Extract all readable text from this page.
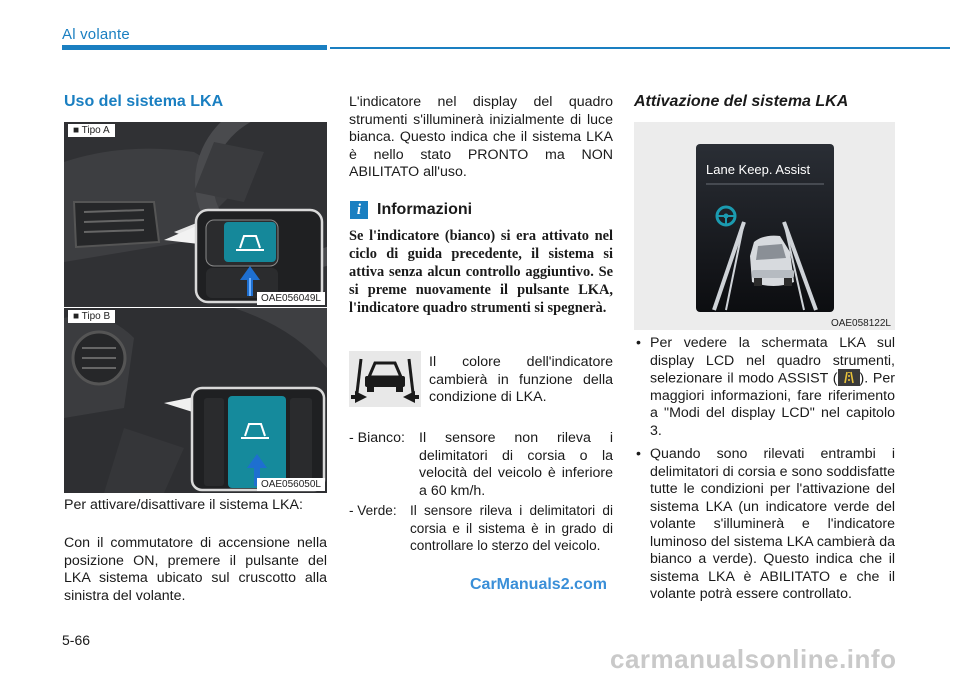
Al volante
Uso del sistema LKA
■ Tipo A
OAE056049L
■ Tipo B
OAE056050L
Per attivare/disattivare il sistema LKA:
Con il commutatore di accensione nella posizione ON, premere il pulsante del LKA sistema ubicato sul cruscotto alla sinistra del volante.
L'indicatore nel display del quadro strumenti s'illuminerà inizialmente di luce bianca. Questo indica che il sistema LKA è nello stato PRONTO ma NON ABILITATO all'uso.
i Informazioni
Se l'indicatore (bianco) si era attivato nel ciclo di guida precedente, il sistema si attiva senza alcun controllo aggiuntivo. Se si preme nuovamente il pulsante LKA, l'indicatore quadro strumenti si spegnerà.
Il colore dell'indicatore cambierà in funzione della condizione di LKA.
- Bianco: Il sensore non rileva i delimitatori di corsia o la velocità del veicolo è inferiore a 60 km/h.
- Verde: Il sensore rileva i delimitatori di corsia e il sistema è in grado di controllare lo sterzo del veicolo.
Attivazione del sistema LKA
Lane Keep. Assist
OAE058122L
• Per vedere la schermata LKA sul display LCD nel quadro strumenti, selezionare il modo ASSIST ( ). Per maggiori informazioni, fare riferimento a "Modi del display LCD" nel capitolo 3.
• Quando sono rilevati entrambi i delimitatori di corsia e sono soddisfatte tutte le condizioni per l'attivazione del sistema LKA (un indicatore verde del volante s'illuminerà e l'indicatore luminoso del sistema LKA cambierà da bianco a verde). Questo indica che il sistema LKA è ABILITATO e che il volante potrà essere controllato.
5-66
CarManuals2.com
carmanualsonline.info
